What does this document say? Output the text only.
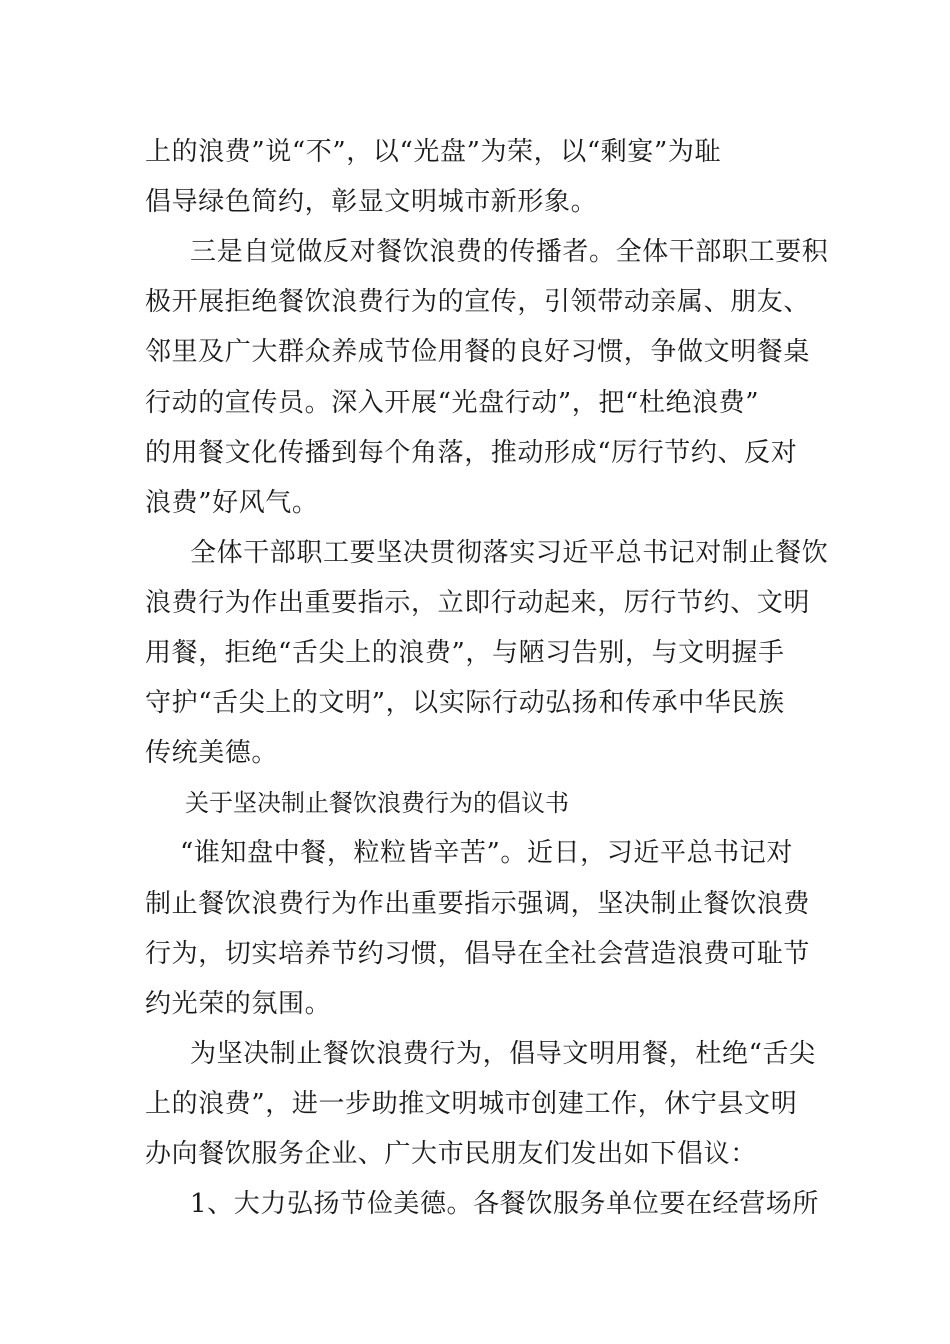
上的浪费”说“不”，以“光盘”为荣，以“剩宴”为耻
倡导绿色简约，彰显文明城市新形象。
三是自觉做反对餐饮浪费的传播者。全体干部职工要积
极开展拒绝餐饮浪费行为的宣传，引领带动亲属、朋友、
邻里及广大群众养成节俭用餐的良好习惯，争做文明餐桌
行动的宣传员。深入开展“光盘行动”，把“杜绝浪费”
的用餐文化传播到每个角落，推动形成“厉行节约、反对
浪费”好风气。
全体干部职工要坚决贯彻落实习近平总书记对制止餐饮
浪费行为作出重要指示，立即行动起来，厉行节约、文明
用餐，拒绝“舌尖上的浪费”，与陋习告别，与文明握手
守护“舌尖上的文明”，以实际行动弘扬和传承中华民族
传统美德。
关于坚决制止餐饮浪费行为的倡议书
“谁知盘中餐，粒粒皆辛苦”。近日，习近平总书记对
制止餐饮浪费行为作出重要指示强调，坚决制止餐饮浪费
行为，切实培养节约习惯，倡导在全社会营造浪费可耻节
约光荣的氛围。
为坚决制止餐饮浪费行为，倡导文明用餐，杜绝“舌尖
上的浪费”，进一步助推文明城市创建工作，休宁县文明
办向餐饮服务企业、广大市民朋友们发出如下倡议：
1、大力弘扬节俭美德。各餐饮服务单位要在经营场所
